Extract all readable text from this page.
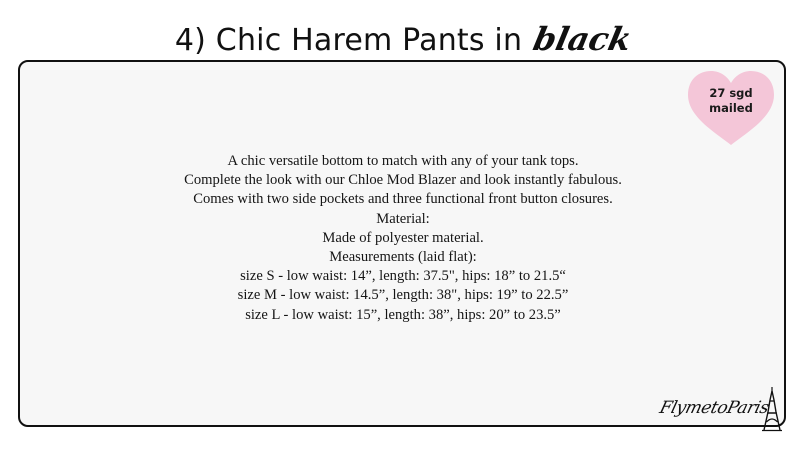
4) Chic Harem Pants in black
27 sgd
mailed
A chic versatile bottom to match with any of your tank tops.
Complete the look with our Chloe Mod Blazer and look instantly fabulous.
Comes with two side pockets and three functional front button closures.
Material:
Made of polyester material.
Measurements (laid flat):
size S - low waist: 14”, length: 37.5", hips: 18” to 21.5“
size M - low waist: 14.5”, length: 38", hips: 19” to 22.5”
size L - low waist: 15”, length: 38”, hips: 20” to 23.5”
FlymetoParis
